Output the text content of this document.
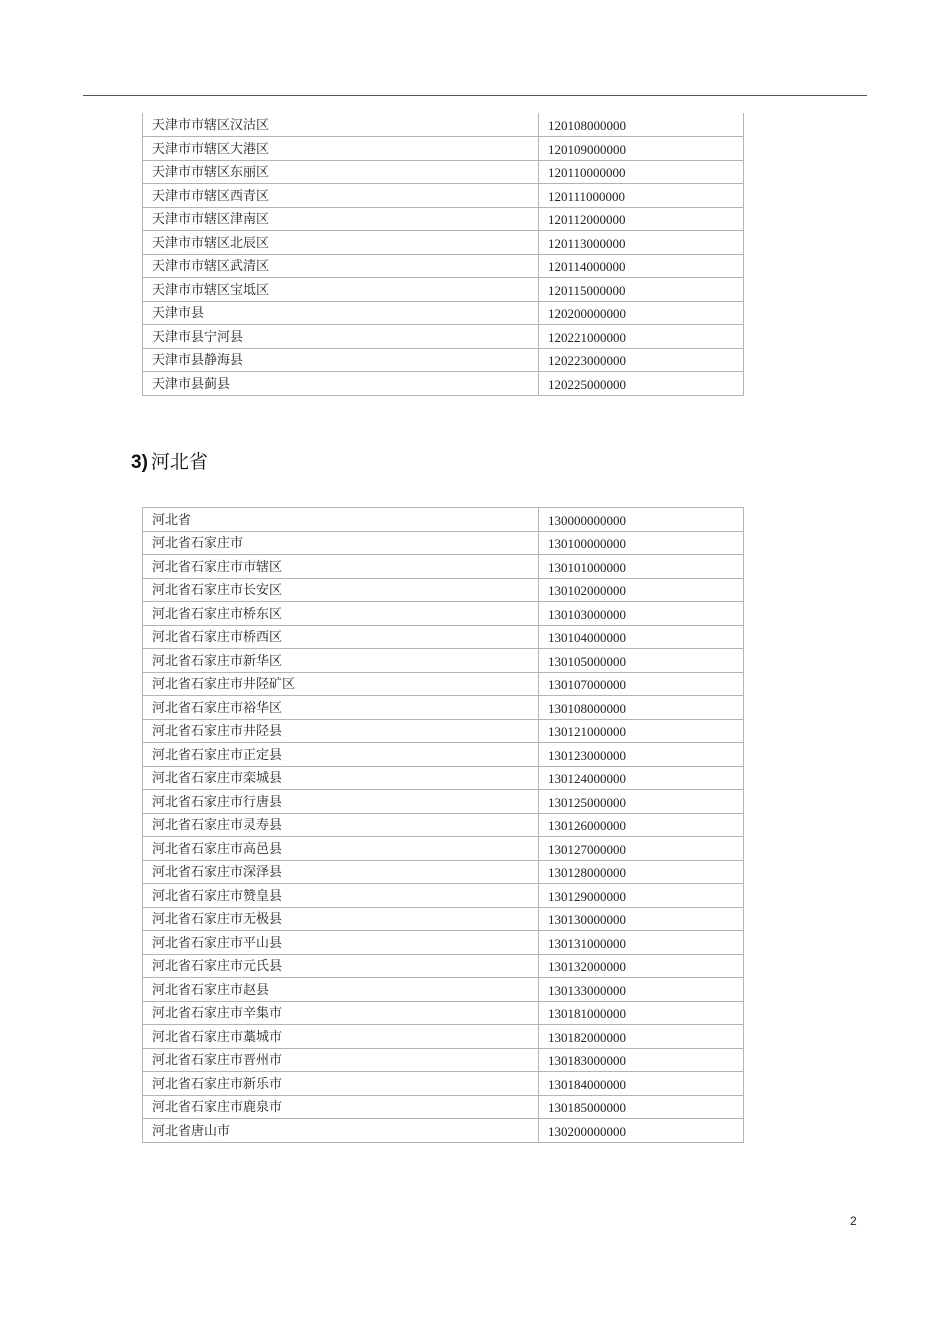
天津市市辖区汉沽区	120108000000
天津市市辖区大港区	120109000000
天津市市辖区东丽区	120110000000
天津市市辖区西青区	120111000000
天津市市辖区津南区	120112000000
天津市市辖区北辰区	120113000000
天津市市辖区武清区	120114000000
天津市市辖区宝坻区	120115000000
天津市县	120200000000
天津市县宁河县	120221000000
天津市县静海县	120223000000
天津市县蓟县	120225000000
3) 河北省
河北省	130000000000
河北省石家庄市	130100000000
河北省石家庄市市辖区	130101000000
河北省石家庄市长安区	130102000000
河北省石家庄市桥东区	130103000000
河北省石家庄市桥西区	130104000000
河北省石家庄市新华区	130105000000
河北省石家庄市井陉矿区	130107000000
河北省石家庄市裕华区	130108000000
河北省石家庄市井陉县	130121000000
河北省石家庄市正定县	130123000000
河北省石家庄市栾城县	130124000000
河北省石家庄市行唐县	130125000000
河北省石家庄市灵寿县	130126000000
河北省石家庄市高邑县	130127000000
河北省石家庄市深泽县	130128000000
河北省石家庄市赞皇县	130129000000
河北省石家庄市无极县	130130000000
河北省石家庄市平山县	130131000000
河北省石家庄市元氏县	130132000000
河北省石家庄市赵县	130133000000
河北省石家庄市辛集市	130181000000
河北省石家庄市藁城市	130182000000
河北省石家庄市晋州市	130183000000
河北省石家庄市新乐市	130184000000
河北省石家庄市鹿泉市	130185000000
河北省唐山市	130200000000
2
